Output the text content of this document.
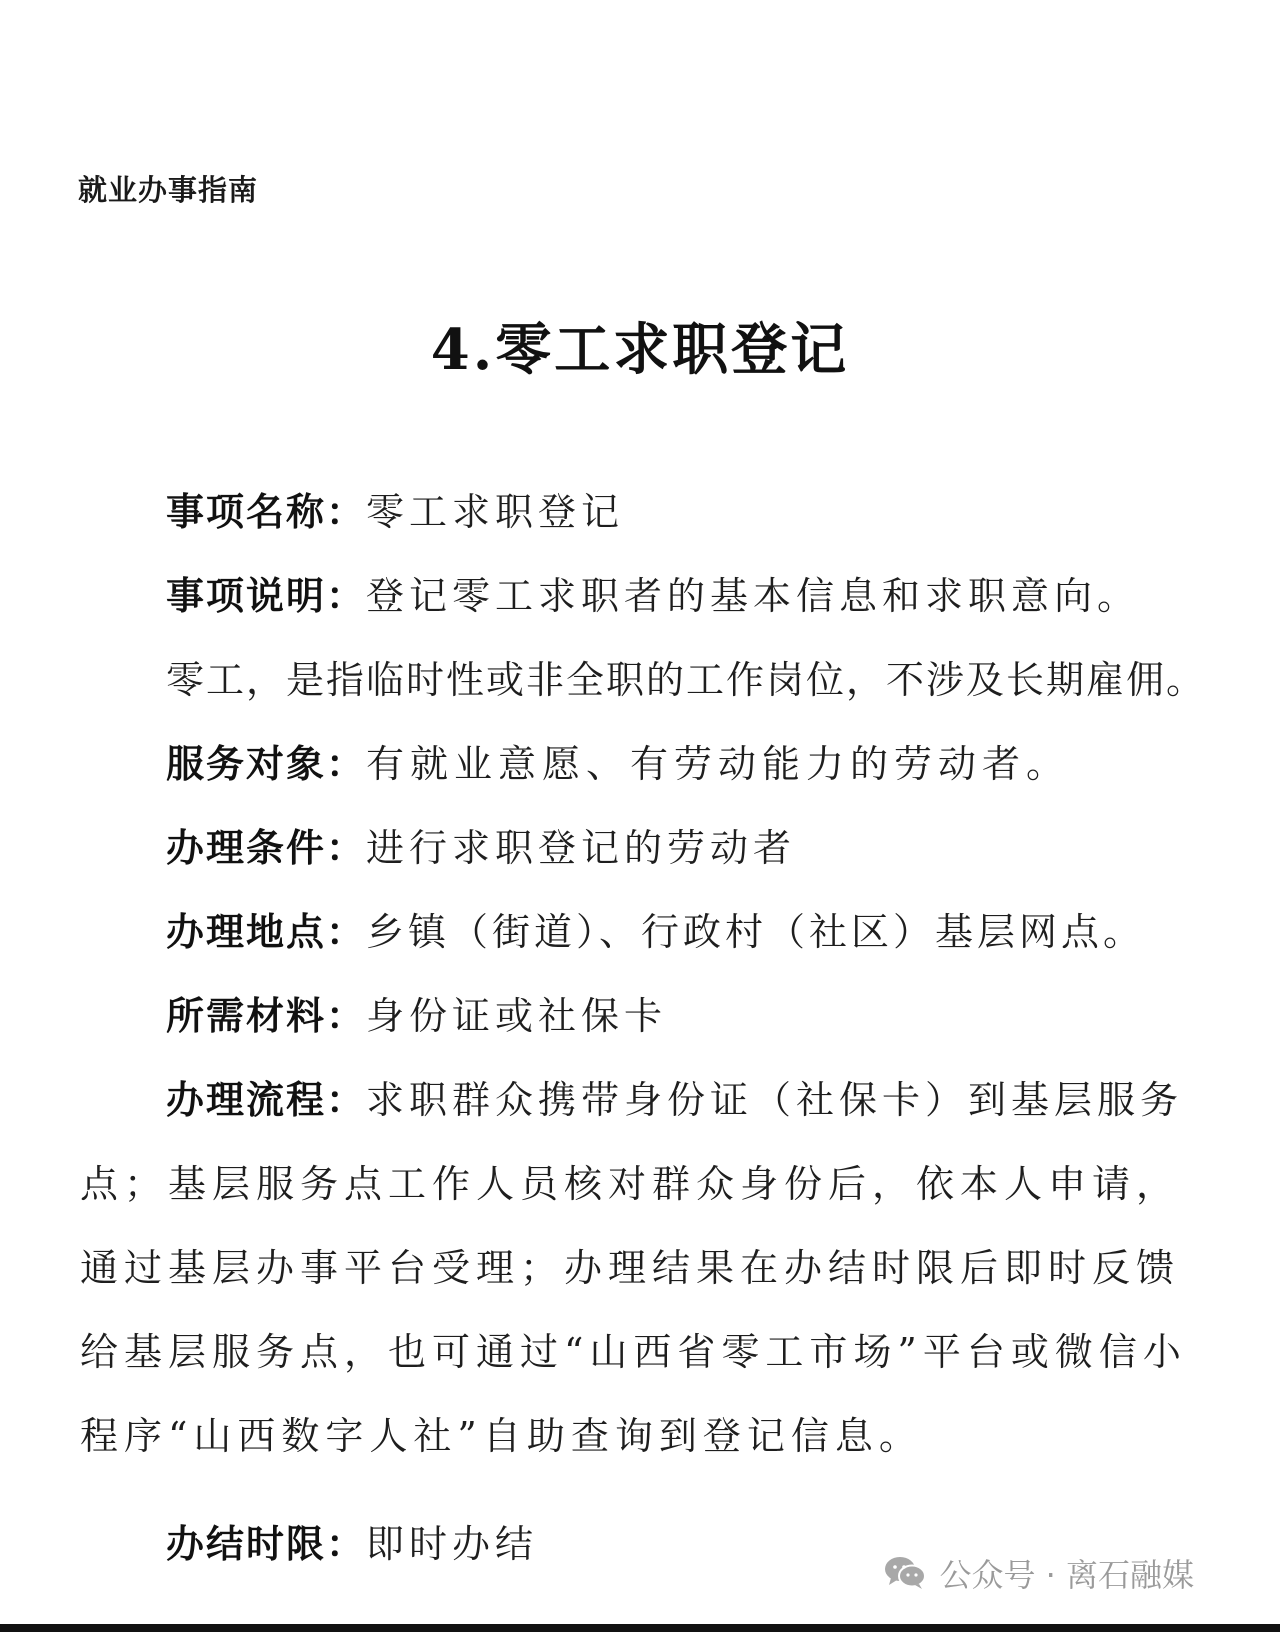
就业办事指南
4.零工求职登记
事项名称：零工求职登记
事项说明：登记零工求职者的基本信息和求职意向。
零工，是指临时性或非全职的工作岗位，不涉及长期雇佣。
服务对象：有就业意愿、有劳动能力的劳动者。
办理条件：进行求职登记的劳动者
办理地点：乡镇（街道）、行政村（社区）基层网点。
所需材料：身份证或社保卡
办理流程：求职群众携带身份证（社保卡）到基层服务
点；基层服务点工作人员核对群众身份后，依本人申请，通过基层办事平台受理；办理结果在办结时限后即时反馈给基层服务点，也可通过“山西省零工市场”平台或微信小程序“山西数字人社”自助查询到登记信息。
办结时限：即时办结
公众号 · 离石融媒
